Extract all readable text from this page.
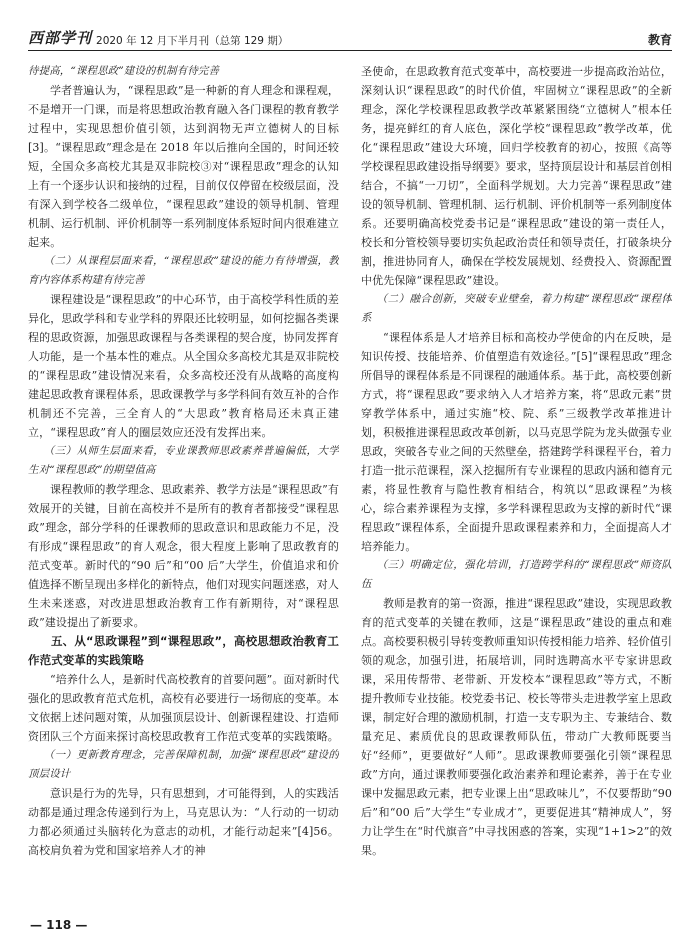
西部学刊 2020 年 12 月下半月刊（总第 129 期）	教育

待提高，“课程思政”建设的机制有待完善

学者普遍认为，“课程思政”是一种新的育人理念和课程观，不是增开一门课，而是将思想政治教育融入各门课程的教育教学过程中，实现思想价值引领，达到润物无声立德树人的目标[3]。“课程思政”理念是在 2018 年以后推向全国的，时间还较短，全国众多高校尤其是双非院校③对“课程思政”理念的认知上有一个逐步认识和接纳的过程，目前仅仅停留在校级层面，没有深入到学校各二级单位，“课程思政”建设的领导机制、管理机制、运行机制、评价机制等一系列制度体系短时间内很难建立起来。

（二）从课程层面来看，“课程思政”建设的能力有待增强，教育内容体系构建有待完善

课程建设是“课程思政”的中心环节，由于高校学科性质的差异化，思政学科和专业学科的界限还比较明显，如何挖掘各类课程的思政资源，加强思政课程与各类课程的契合度，协同发挥育人功能，是一个基本性的难点。从全国众多高校尤其是双非院校的“课程思政”建设情况来看，众多高校还没有从战略的高度构建起思政教育课程体系，思政课教学与多学科间有效互补的合作机制还不完善，三全育人的“大思政”教育格局还未真正建立，“课程思政”育人的圈层效应还没有发挥出来。

（三）从师生层面来看，专业课教师思政素养普遍偏低，大学生对“课程思政”的期望值高

课程教师的教学理念、思政素养、教学方法是“课程思政”有效展开的关键，目前在高校并不是所有的教育者都接受“课程思政”理念，部分学科的任课教师的思政意识和思政能力不足，没有形成“课程思政”的育人观念，很大程度上影响了思政教育的范式变革。新时代的“90 后”和“00 后”大学生，价值追求和价值选择不断呈现出多样化的新特点，他们对现实问题迷惑，对人生未来迷惑，对改进思想政治教育工作有新期待，对“课程思政”建设提出了新要求。

五、从“思政课程”到“课程思政”，高校思想政治教育工作范式变革的实践策略

“培养什么人，是新时代高校教育的首要问题”。面对新时代强化的思政教育范式危机，高校有必要进行一场彻底的变革。本文依据上述问题对策，从加强顶层设计、创新课程建设、打造师资团队三个方面来探讨高校思政教育工作范式变革的实践策略。

（一）更新教育理念，完善保障机制，加强“课程思政”建设的顶层设计

意识是行为的先导，只有思想到，才可能得到，人的实践活动都是通过理念传递到行为上，马克思认为：“人行动的一切动力都必须通过头脑转化为意志的动机，才能行动起来”[4]56。高校肩负着为党和国家培养人才的神

圣使命，在思政教育范式变革中，高校要进一步提高政治站位，深刻认识“课程思政”的时代价值，牢固树立“课程思政”的全新理念，深化学校课程思政教学改革紧紧围绕“立德树人”根本任务，提亮鲜红的育人底色，深化学校“课程思政”教学改革，优化“课程思政”建设大环境，回归学校教育的初心，按照《高等学校课程思政建设指导纲要》要求，坚持顶层设计和基层首创相结合，不搞“一刀切”，全面科学规划。大力完善“课程思政”建设的领导机制、管理机制、运行机制、评价机制等一系列制度体系。还要明确高校党委书记是“课程思政”建设的第一责任人，校长和分管校领导要切实负起政治责任和领导责任，打破条块分割，推进协同育人，确保在学校发展规划、经费投入、资源配置中优先保障“课程思政”建设。

（二）融合创新，突破专业壁垒，着力构建“课程思政”课程体系

“课程体系是人才培养目标和高校办学使命的内在反映，是知识传授、技能培养、价值塑造有效途径。”[5]“课程思政”理念所倡导的课程体系是不同课程的融通体系。基于此，高校要创新方式，将“课程思政”要求纳入人才培养方案，将“思政元素”贯穿教学体系中，通过实施“校、院、系”三级教学改革推进计划，积极推进课程思政改革创新，以马克思学院为龙头做强专业思政，突破各专业之间的天然壁垒，搭建跨学科课程平台，着力打造一批示范课程，深入挖掘所有专业课程的思政内涵和德育元素，将显性教育与隐性教育相结合，构筑以“思政课程”为核心，综合素养课程为支撑，多学科课程思政为支撑的新时代“课程思政”课程体系，全面提升思政课程素养和力，全面提高人才培养能力。

（三）明确定位，强化培训，打造跨学科的“课程思政”师资队伍

教师是教育的第一资源，推进“课程思政”建设，实现思政教育的范式变革的关键在教师，这是“课程思政”建设的重点和难点。高校要积极引导转变教师重知识传授相能力培养、轻价值引领的观念，加强引进，拓展培训，同时选聘高水平专家讲思政课，采用传帮带、老带新、开发校本“课程思政”等方式，不断提升教师专业技能。校党委书记、校长等带头走进教学室上思政课，制定好合理的激励机制，打造一支专职为主、专兼结合、数量充足、素质优良的思政课教师队伍，带动广大教师既要当好“经师”，更要做好“人师”。思政课教师要强化引领“课程思政”方向，通过课教师要强化政治素养和理论素养，善于在专业课中发掘思政元素，把专业课上出“思政味儿”，不仅要帮助“90 后”和“00 后”大学生“专业成才”，更要促进其“精神成人”，努力让学生在“时代旗音”中寻找困惑的答案，实现“1+1>2”的效果。

— 118 —
